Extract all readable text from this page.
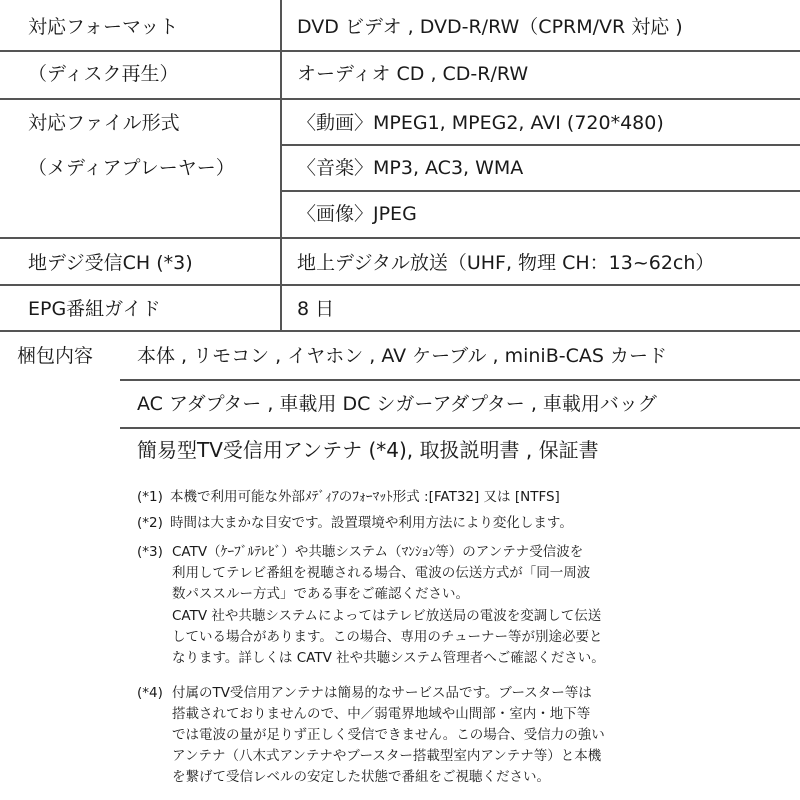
対応フォーマット	DVD ビデオ , DVD-R/RW（CPRM/VR 対応 )
（ディスク再生）	オーディオ CD , CD-R/RW
対応ファイル形式	〈動画〉MPEG1, MPEG2, AVI (720*480)
（メディアプレーヤー）	〈音楽〉MP3, AC3, WMA
〈画像〉JPEG
地デジ受信CH (*3)	地上デジタル放送（UHF, 物理 CH：13~62ch）
EPG番組ガイド	8 日
梱包内容 本体 , リモコン , イヤホン , AV ケーブル , miniB-CAS カード
AC アダプター , 車載用 DC シガーアダプター , 車載用バッグ
簡易型TV受信用アンテナ (*4), 取扱説明書 , 保証書
(*1) 本機で利用可能な外部ﾒﾃﾞｨｱのﾌｫｰﾏｯﾄ形式 :[FAT32] 又は [NTFS]
(*2) 時間は大まかな目安です。設置環境や利用方法により変化します。
(*3) CATV（ｹｰﾌﾞﾙﾃﾚﾋﾞ）や共聴システム（ﾏﾝｼｮﾝ等）のアンテナ受信波を
利用してテレビ番組を視聴される場合、電波の伝送方式が「同一周波
数パススルー方式」である事をご確認ください。
CATV 社や共聴システムによってはテレビ放送局の電波を変調して伝送
している場合があります。この場合、専用のチューナー等が別途必要と
なります。詳しくは CATV 社や共聴システム管理者へご確認ください。
(*4) 付属のTV受信用アンテナは簡易的なサービス品です。ブースター等は
搭載されておりませんので、中／弱電界地域や山間部・室内・地下等
では電波の量が足りず正しく受信できません。この場合、受信力の強い
アンテナ（八木式アンテナやブースター搭載型室内アンテナ等）と本機
を繋げて受信レベルの安定した状態で番組をご視聴ください。
